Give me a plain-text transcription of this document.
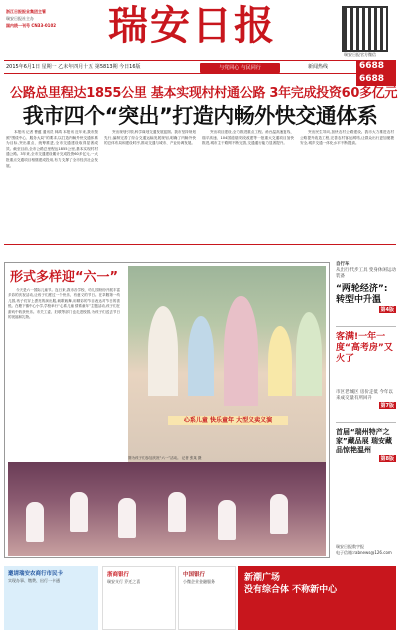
浙江日报报业集团主管
瑞安日报社主办
国内统一刊号 CN33-0102	瑞安日报
瑞安日报官方微信
2015年6月1日 星期一 乙未年四月十五 第5813期 今日16版	与党同心 与民同行	新闻热线	6688 6688
公路总里程达1855公里 基本实现村村通公路 3年完成投资60多亿元
我市四个“突出”打造内畅外快交通体系

本报讯 记者 曹蕴 通讯员 林鸿 本报讯 近年来,我市按照“围绕中心、服务大局”的要求,以打造内畅外快交通体系为目标,突出重点、统筹推进,全市交通建设取得显著成效。截至目前,全市公路总里程达1855公里,基本实现村村通公路。3年来,全市交通建设累计完成投资60多亿元,一大批重点交通项目相继建成投用,有力支撑了全市经济社会发展。

突出规划引领,科学谋划交通发展蓝图。我市坚持规划先行,编制完善了综合交通运输发展规划,明确了内畅外快的总体布局和建设时序,推动交通与城市、产业协调发展。

突出项目建设,全力推进重点工程。甬台温高速复线、瑞平高速、104国道瑞安段改建等一批重大交通项目加快推进,城市主干路网不断完善,交通通行能力显著提升。

突出民生导向,加快农村公路建设。我市大力推进农村公路提升改造工程,完善农村客运网络,让群众出行更加便捷安全,城乡交通一体化水平不断提高。

形式多样迎“六一”

今天是六一国际儿童节。连日来,我市各学校、幼儿园纷纷开展丰富多彩的庆祝活动,让孩子们度过一个快乐、有意义的节日。在莘塍第一幼儿园,孩子们穿上漂亮的演出服,载歌载舞,用精彩的节目表达对节日的喜悦。在塘下镇中心小学,学校举行“心系儿童 情系童年”主题活动,孩子们在游戏中收获快乐。市关工委、妇联等部门也走进校园,为孩子们送去节日的祝福和礼物。

心系儿童 快乐童年 大型义卖义演
图为孩子们参加庆祝“六一”活动。 记者 张某 摄
自行车
从出行代步工具 变身休闲运动装备
“两轮经济”: 转型中升温
第4版
客满!一年一度“高考房”又火了
市区老城区 房价走低 今年以来成交量有所回升
第7版
首届“瑞州特产之家”藏品展 瑞安藏品惊艳温州
第8版
瑞安日报数字报
电子信箱:rabnews@126.com
邀请瑞安农商行市民卡
实现办事、缴费、出行一卡通
浙商银行
瑞安支行 乔迁之喜
中国银行
小微企业金融服务	新潮广场
没有综合体 不称新中心
